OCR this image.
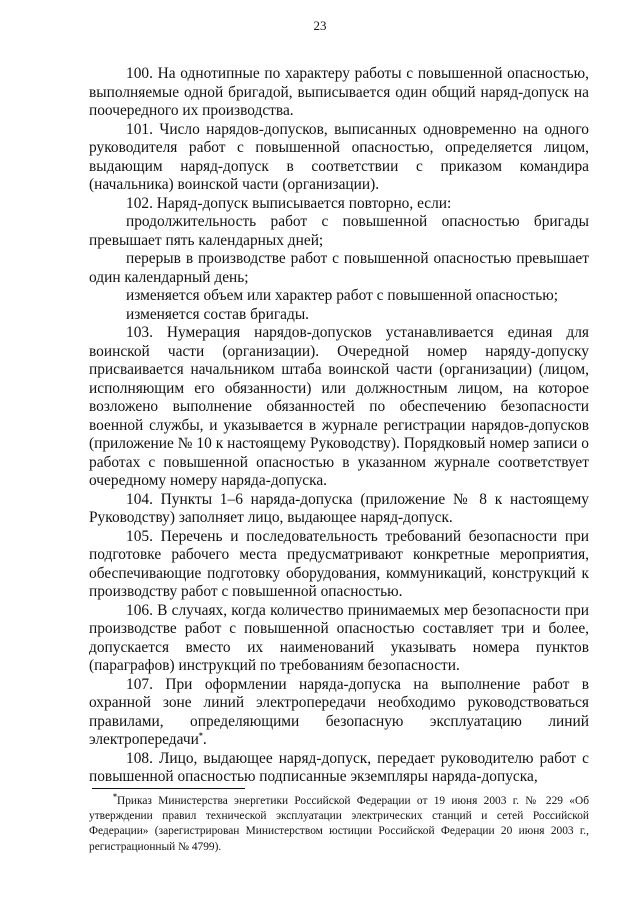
23

100. На однотипные по характеру работы с повышенной опасностью, выполняемые одной бригадой, выписывается один общий наряд-допуск на поочередного их производства.

101. Число нарядов-допусков, выписанных одновременно на одного руководителя работ с повышенной опасностью, определяется лицом, выдающим наряд-допуск в соответствии с приказом командира (начальника) воинской части (организации).

102. Наряд-допуск выписывается повторно, если:

продолжительность работ с повышенной опасностью бригады превышает пять календарных дней;

перерыв в производстве работ с повышенной опасностью превышает один календарный день;

изменяется объем или характер работ с повышенной опасностью;

изменяется состав бригады.

103. Нумерация нарядов-допусков устанавливается единая для воинской части (организации). Очередной номер наряду-допуску присваивается начальником штаба воинской части (организации) (лицом, исполняющим его обязанности) или должностным лицом, на которое возложено выполнение обязанностей по обеспечению безопасности военной службы, и указывается в журнале регистрации нарядов-допусков (приложение № 10 к настоящему Руководству). Порядковый номер записи о работах с повышенной опасностью в указанном журнале соответствует очередному номеру наряда-допуска.

104. Пункты 1–6 наряда-допуска (приложение № 8 к настоящему Руководству) заполняет лицо, выдающее наряд-допуск.

105. Перечень и последовательность требований безопасности при подготовке рабочего места предусматривают конкретные мероприятия, обеспечивающие подготовку оборудования, коммуникаций, конструкций к производству работ с повышенной опасностью.

106. В случаях, когда количество принимаемых мер безопасности при производстве работ с повышенной опасностью составляет три и более, допускается вместо их наименований указывать номера пунктов (параграфов) инструкций по требованиям безопасности.

107. При оформлении наряда-допуска на выполнение работ в охранной зоне линий электропередачи необходимо руководствоваться правилами, определяющими безопасную эксплуатацию линий электропередачи*.

108. Лицо, выдающее наряд-допуск, передает руководителю работ с повышенной опасностью подписанные экземпляры наряда-допуска,

*Приказ Министерства энергетики Российской Федерации от 19 июня 2003 г. № 229 «Об утверждении правил технической эксплуатации электрических станций и сетей Российской Федерации» (зарегистрирован Министерством юстиции Российской Федерации 20 июня 2003 г., регистрационный № 4799).
